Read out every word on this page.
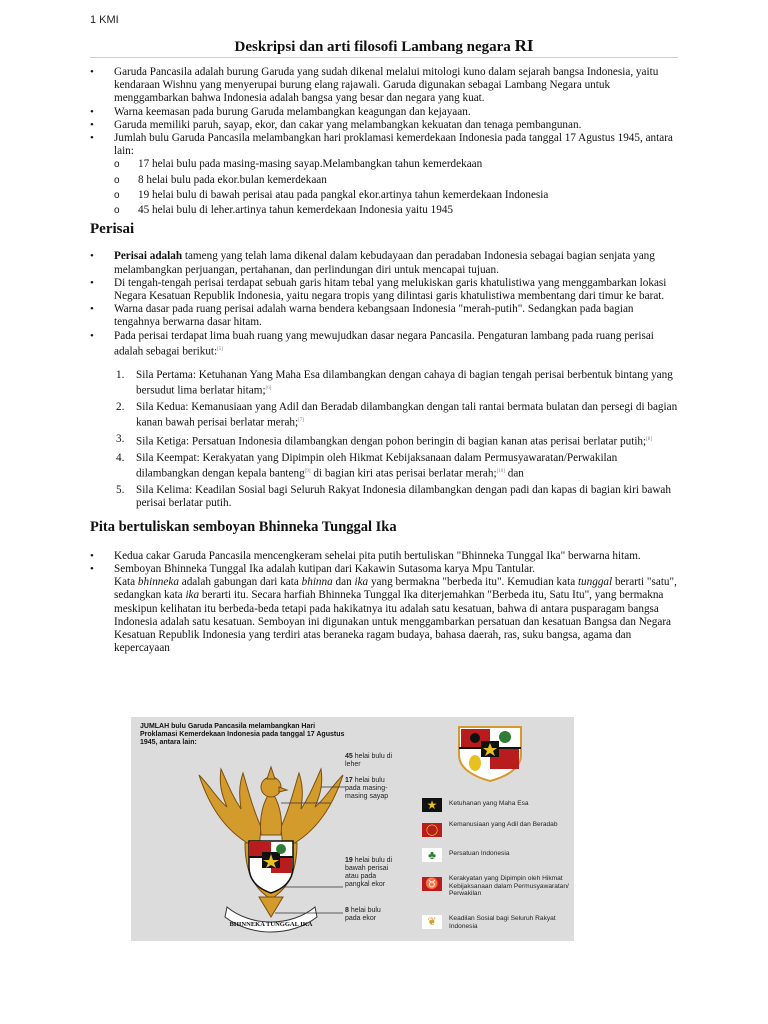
1 KMI
Deskripsi dan arti filosofi Lambang negara RI
• Garuda Pancasila adalah burung Garuda yang sudah dikenal melalui mitologi kuno dalam sejarah bangsa Indonesia, yaitu kendaraan Wishnu yang menyerupai burung elang rajawali. Garuda digunakan sebagai Lambang Negara untuk menggambarkan bahwa Indonesia adalah bangsa yang besar dan negara yang kuat.
• Warna keemasan pada burung Garuda melambangkan keagungan dan kejayaan.
• Garuda memiliki paruh, sayap, ekor, dan cakar yang melambangkan kekuatan dan tenaga pembangunan.
• Jumlah bulu Garuda Pancasila melambangkan hari proklamasi kemerdekaan Indonesia pada tanggal 17 Agustus 1945, antara lain:
o 17 helai bulu pada masing-masing sayap.Melambangkan tahun kemerdekaan
o 8 helai bulu pada ekor.bulan kemerdekaan
o 19 helai bulu di bawah perisai atau pada pangkal ekor.artinya tahun kemerdekaan Indonesia
o 45 helai bulu di leher.artinya tahun kemerdekaan Indonesia yaitu 1945
Perisai
• Perisai adalah tameng yang telah lama dikenal dalam kebudayaan dan peradaban Indonesia sebagai bagian senjata yang melambangkan perjuangan, pertahanan, dan perlindungan diri untuk mencapai tujuan.
• Di tengah-tengah perisai terdapat sebuah garis hitam tebal yang melukiskan garis khatulistiwa yang menggambarkan lokasi Negara Kesatuan Republik Indonesia, yaitu negara tropis yang dilintasi garis khatulistiwa membentang dari timur ke barat.
• Warna dasar pada ruang perisai adalah warna bendera kebangsaan Indonesia "merah-putih". Sedangkan pada bagian tengahnya berwarna dasar hitam.
• Pada perisai terdapat lima buah ruang yang mewujudkan dasar negara Pancasila. Pengaturan lambang pada ruang perisai adalah sebagai berikut:[5]
1. Sila Pertama: Ketuhanan Yang Maha Esa dilambangkan dengan cahaya di bagian tengah perisai berbentuk bintang yang bersudut lima berlatar hitam;[6]
2. Sila Kedua: Kemanusiaan yang Adil dan Beradab dilambangkan dengan tali rantai bermata bulatan dan persegi di bagian kanan bawah perisai berlatar merah;[7]
3. Sila Ketiga: Persatuan Indonesia dilambangkan dengan pohon beringin di bagian kanan atas perisai berlatar putih;[8]
4. Sila Keempat: Kerakyatan yang Dipimpin oleh Hikmat Kebijaksanaan dalam Permusyawaratan/Perwakilan dilambangkan dengan kepala banteng[9] di bagian kiri atas perisai berlatar merah;[10] dan
5. Sila Kelima: Keadilan Sosial bagi Seluruh Rakyat Indonesia dilambangkan dengan padi dan kapas di bagian kiri bawah perisai berlatar putih.
Pita bertuliskan semboyan Bhinneka Tunggal Ika
• Kedua cakar Garuda Pancasila mencengkeram sehelai pita putih bertuliskan "Bhinneka Tunggal Ika" berwarna hitam.
• Semboyan Bhinneka Tunggal Ika adalah kutipan dari Kakawin Sutasoma karya Mpu Tantular.
Kata bhinneka adalah gabungan dari kata bhinna dan ika yang bermakna "berbeda itu". Kemudian kata tunggal berarti "satu", sedangkan kata ika berarti itu. Secara harfiah Bhinneka Tunggal Ika diterjemahkan "Berbeda itu, Satu Itu", yang bermakna meskipun kelihatan itu berbeda-beda tetapi pada hakikatnya itu adalah satu kesatuan, bahwa di antara pusparagam bangsa Indonesia adalah satu kesatuan. Semboyan ini digunakan untuk menggambarkan persatuan dan kesatuan Bangsa dan Negara Kesatuan Republik Indonesia yang terdiri atas beraneka ragam budaya, bahasa daerah, ras, suku bangsa, agama dan kepercayaan
JUMLAH bulu Garuda Pancasila melambangkan Hari Proklamasi Kemerdekaan Indonesia pada tanggal 17 Agustus 1945, antara lain:
BHINNEKA TUNGGAL IKA
45 helai bulu di leher
17 helai bulu pada masing-masing sayap
19 helai bulu di bawah perisai atau pada pangkal ekor
8 helai bulu pada ekor
★	Ketuhanan yang Maha Esa
◯	Kemanusiaan yang Adil dan Beradab
♣	Persatuan Indonesia
♉	Kerakyatan yang Dipimpin oleh Hikmat Kebijaksanaan dalam Permusyawaratan/ Perwakilan
❦	Keadilan Sosial bagi Seluruh Rakyat Indonesia
